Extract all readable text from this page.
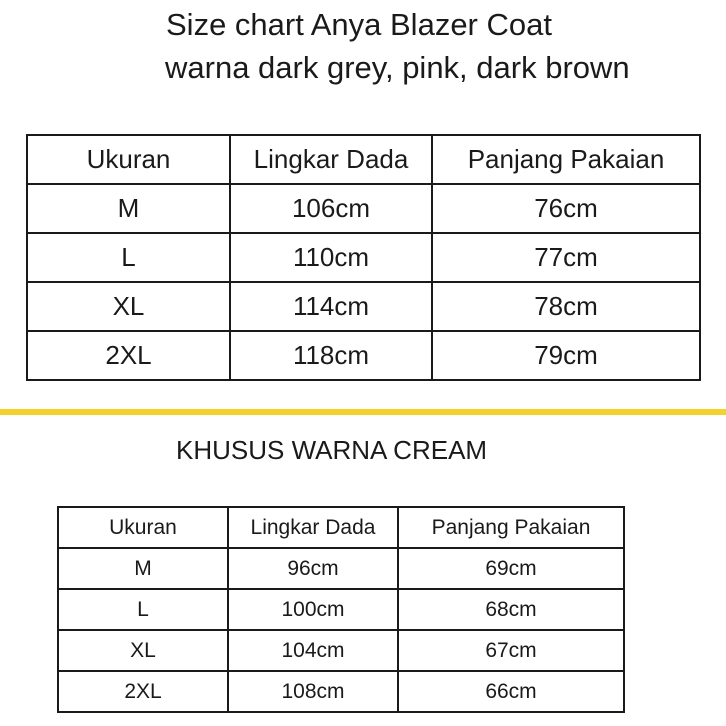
Size chart Anya Blazer Coat
warna dark grey, pink, dark brown
Ukuran	Lingkar Dada	Panjang Pakaian
M	106cm	76cm
L	110cm	77cm
XL	114cm	78cm
2XL	118cm	79cm
KHUSUS WARNA CREAM
Ukuran	Lingkar Dada	Panjang Pakaian
M	96cm	69cm
L	100cm	68cm
XL	104cm	67cm
2XL	108cm	66cm
